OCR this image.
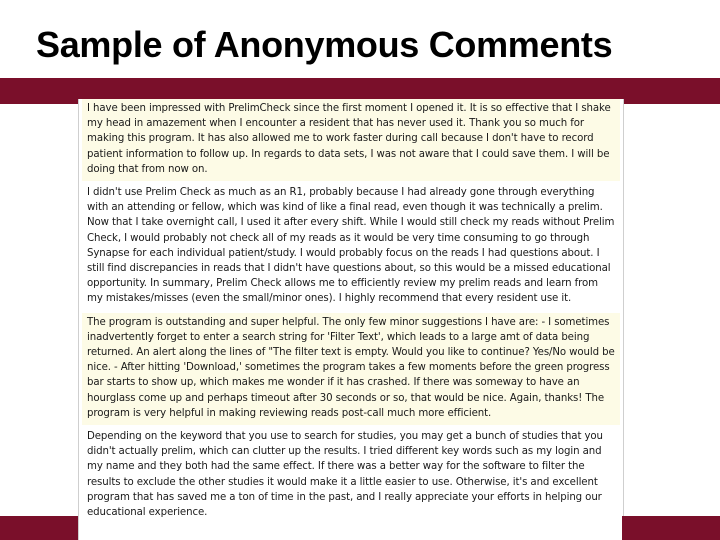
Sample of Anonymous Comments
I have been impressed with PrelimCheck since the first moment I opened it. It is so effective that I shake my head in amazement when I encounter a resident that has never used it. Thank you so much for making this program. It has also allowed me to work faster during call because I don't have to record patient information to follow up. In regards to data sets, I was not aware that I could save them. I will be doing that from now on.
I didn't use Prelim Check as much as an R1, probably because I had already gone through everything with an attending or fellow, which was kind of like a final read, even though it was technically a prelim. Now that I take overnight call, I used it after every shift. While I would still check my reads without Prelim Check, I would probably not check all of my reads as it would be very time consuming to go through Synapse for each individual patient/study. I would probably focus on the reads I had questions about. I still find discrepancies in reads that I didn't have questions about, so this would be a missed educational opportunity. In summary, Prelim Check allows me to efficiently review my prelim reads and learn from my mistakes/misses (even the small/minor ones). I highly recommend that every resident use it.
The program is outstanding and super helpful. The only few minor suggestions I have are: - I sometimes inadvertently forget to enter a search string for 'Filter Text', which leads to a large amt of data being returned. An alert along the lines of "The filter text is empty. Would you like to continue? Yes/No would be nice. - After hitting 'Download,' sometimes the program takes a few moments before the green progress bar starts to show up, which makes me wonder if it has crashed. If there was someway to have an hourglass come up and perhaps timeout after 30 seconds or so, that would be nice. Again, thanks! The program is very helpful in making reviewing reads post-call much more efficient.
Depending on the keyword that you use to search for studies, you may get a bunch of studies that you didn't actually prelim, which can clutter up the results. I tried different key words such as my login and my name and they both had the same effect. If there was a better way for the software to filter the results to exclude the other studies it would make it a little easier to use. Otherwise, it's and excellent program that has saved me a ton of time in the past, and I really appreciate your efforts in helping our educational experience.
